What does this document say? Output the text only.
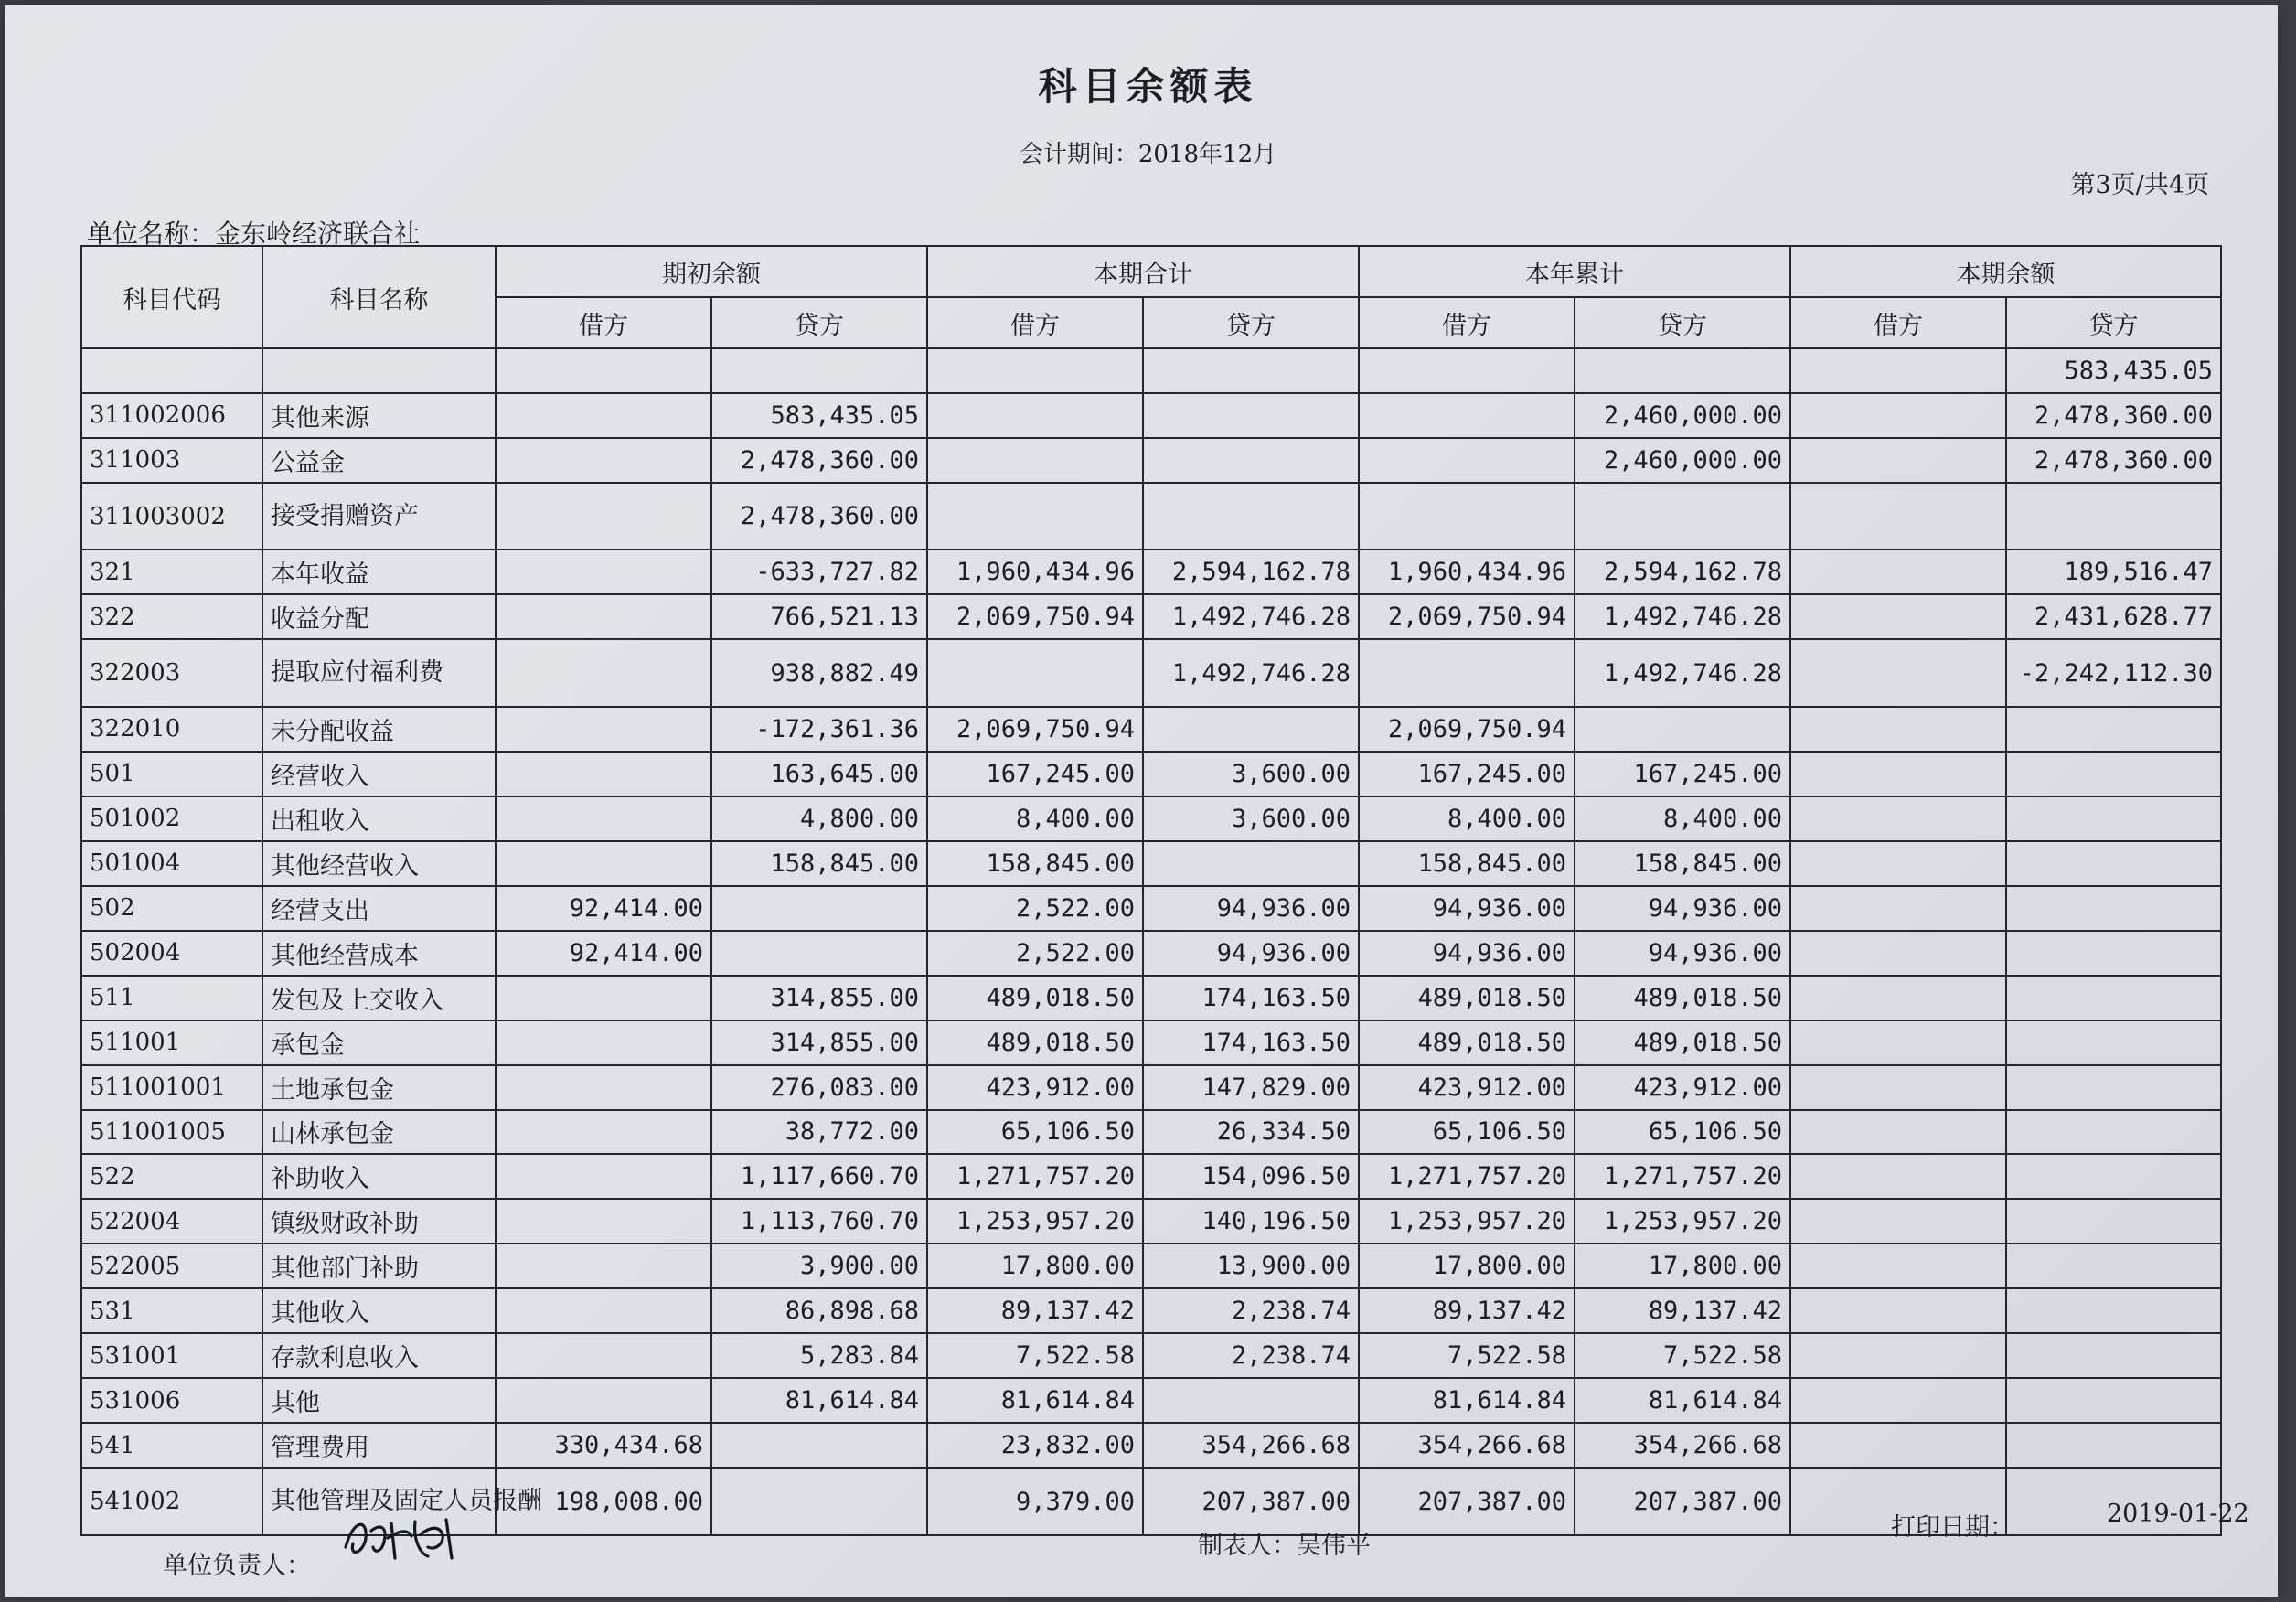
科目余额表
会计期间：2018年12月
第3页/共4页
单位名称：金东岭经济联合社
科目代码	科目名称	期初余额		本期合计		本年累计		本期余额	
		借方	贷方	借方	贷方	借方	贷方	借方	贷方
									583,435.05
311002006	其他来源		583,435.05				2,460,000.00		2,478,360.00
311003	公益金		2,478,360.00				2,460,000.00		2,478,360.00
311003002	接受捐赠资产		2,478,360.00						
321	本年收益		-633,727.82	1,960,434.96	2,594,162.78	1,960,434.96	2,594,162.78		189,516.47
322	收益分配		766,521.13	2,069,750.94	1,492,746.28	2,069,750.94	1,492,746.28		2,431,628.77
322003	提取应付福利费		938,882.49		1,492,746.28		1,492,746.28		-2,242,112.30
322010	未分配收益		-172,361.36	2,069,750.94		2,069,750.94			
501	经营收入		163,645.00	167,245.00	3,600.00	167,245.00	167,245.00		
501002	出租收入		4,800.00	8,400.00	3,600.00	8,400.00	8,400.00		
501004	其他经营收入		158,845.00	158,845.00		158,845.00	158,845.00		
502	经营支出	92,414.00		2,522.00	94,936.00	94,936.00	94,936.00		
502004	其他经营成本	92,414.00		2,522.00	94,936.00	94,936.00	94,936.00		
511	发包及上交收入		314,855.00	489,018.50	174,163.50	489,018.50	489,018.50		
511001	承包金		314,855.00	489,018.50	174,163.50	489,018.50	489,018.50		
511001001	土地承包金		276,083.00	423,912.00	147,829.00	423,912.00	423,912.00		
511001005	山林承包金		38,772.00	65,106.50	26,334.50	65,106.50	65,106.50		
522	补助收入		1,117,660.70	1,271,757.20	154,096.50	1,271,757.20	1,271,757.20		
522004	镇级财政补助		1,113,760.70	1,253,957.20	140,196.50	1,253,957.20	1,253,957.20		
522005	其他部门补助		3,900.00	17,800.00	13,900.00	17,800.00	17,800.00		
531	其他收入		86,898.68	89,137.42	2,238.74	89,137.42	89,137.42		
531001	存款利息收入		5,283.84	7,522.58	2,238.74	7,522.58	7,522.58		
531006	其他		81,614.84	81,614.84		81,614.84	81,614.84		
541	管理费用	330,434.68		23,832.00	354,266.68	354,266.68	354,266.68		
541002	其他管理及固定人员报酬	198,008.00		9,379.00	207,387.00	207,387.00	207,387.00		
单位负责人：
制表人：吴伟平
打印日期：	2019-01-22
